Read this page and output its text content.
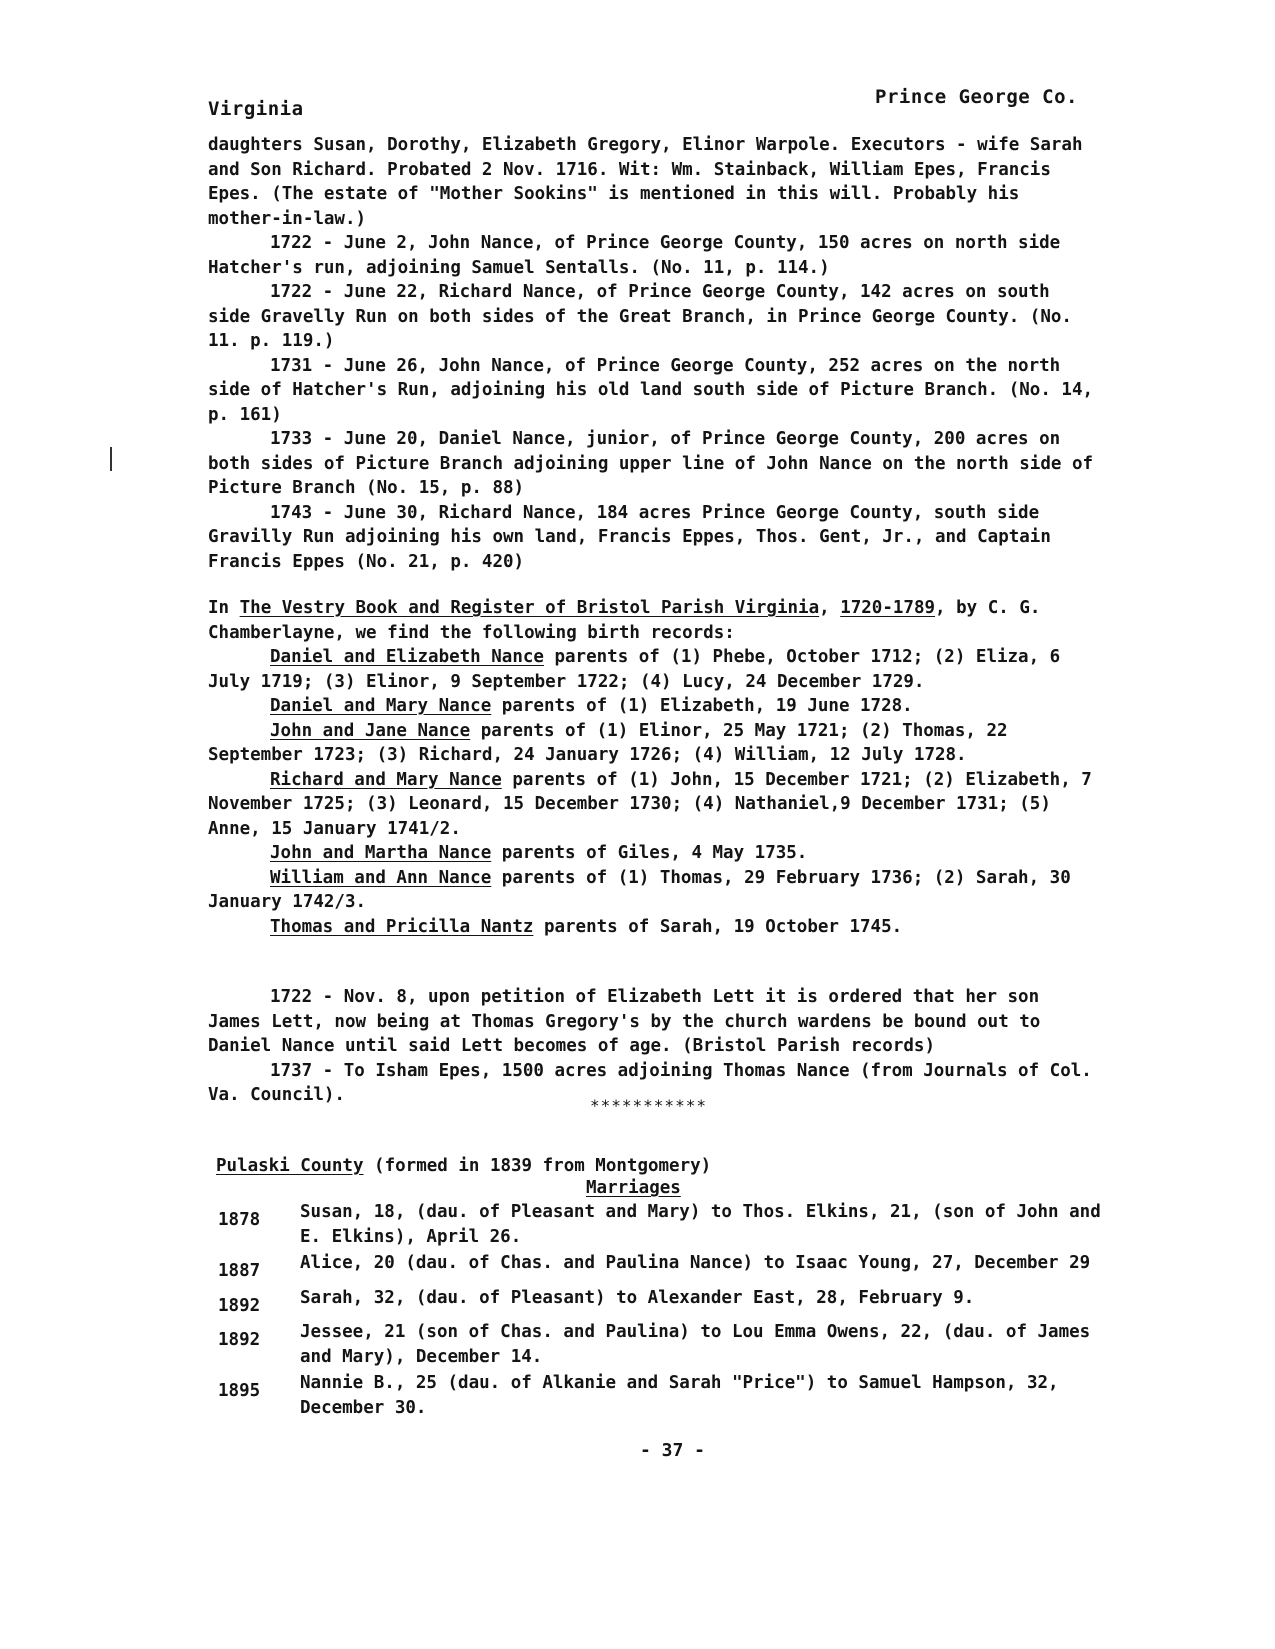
Virginia
Prince George Co.

daughters Susan, Dorothy, Elizabeth Gregory, Elinor Warpole. Executors - wife Sarah and Son Richard. Probated 2 Nov. 1716. Wit: Wm. Stainback, William Epes, Francis Epes. (The estate of "Mother Sookins" is mentioned in this will. Probably his mother-in-law.)

1722 - June 2, John Nance, of Prince George County, 150 acres on north side Hatcher's run, adjoining Samuel Sentalls. (No. 11, p. 114.)

1722 - June 22, Richard Nance, of Prince George County, 142 acres on south side Gravelly Run on both sides of the Great Branch, in Prince George County. (No. 11. p. 119.)

1731 - June 26, John Nance, of Prince George County, 252 acres on the north side of Hatcher's Run, adjoining his old land south side of Picture Branch. (No. 14, p. 161)

1733 - June 20, Daniel Nance, junior, of Prince George County, 200 acres on both sides of Picture Branch adjoining upper line of John Nance on the north side of Picture Branch (No. 15, p. 88)

1743 - June 30, Richard Nance, 184 acres Prince George County, south side Gravilly Run adjoining his own land, Francis Eppes, Thos. Gent, Jr., and Captain Francis Eppes (No. 21, p. 420)

In The Vestry Book and Register of Bristol Parish Virginia, 1720-1789, by C. G. Chamberlayne, we find the following birth records:

Daniel and Elizabeth Nance parents of (1) Phebe, October 1712; (2) Eliza, 6 July 1719; (3) Elinor, 9 September 1722; (4) Lucy, 24 December 1729.

Daniel and Mary Nance parents of (1) Elizabeth, 19 June 1728.

John and Jane Nance parents of (1) Elinor, 25 May 1721; (2) Thomas, 22 September 1723; (3) Richard, 24 January 1726; (4) William, 12 July 1728.

Richard and Mary Nance parents of (1) John, 15 December 1721; (2) Elizabeth, 7 November 1725; (3) Leonard, 15 December 1730; (4) Nathaniel,9 December 1731; (5) Anne, 15 January 1741/2.

John and Martha Nance parents of Giles, 4 May 1735.

William and Ann Nance parents of (1) Thomas, 29 February 1736; (2) Sarah, 30 January 1742/3.

Thomas and Pricilla Nantz parents of Sarah, 19 October 1745.

1722 - Nov. 8, upon petition of Elizabeth Lett it is ordered that her son James Lett, now being at Thomas Gregory's by the church wardens be bound out to Daniel Nance until said Lett becomes of age. (Bristol Parish records)

1737 - To Isham Epes, 1500 acres adjoining Thomas Nance (from Journals of Col. Va. Council).

***********
Pulaski County (formed in 1839 from Montgomery)
Marriages
1878	Susan, 18, (dau. of Pleasant and Mary) to Thos. Elkins, 21, (son of John and E. Elkins), April 26.
1887	Alice, 20 (dau. of Chas. and Paulina Nance) to Isaac Young, 27, December 29
1892	Sarah, 32, (dau. of Pleasant) to Alexander East, 28, February 9.
1892	Jessee, 21 (son of Chas. and Paulina) to Lou Emma Owens, 22, (dau. of James and Mary), December 14.
1895	Nannie B., 25 (dau. of Alkanie and Sarah "Price") to Samuel Hampson, 32, December 30.
- 37 -
